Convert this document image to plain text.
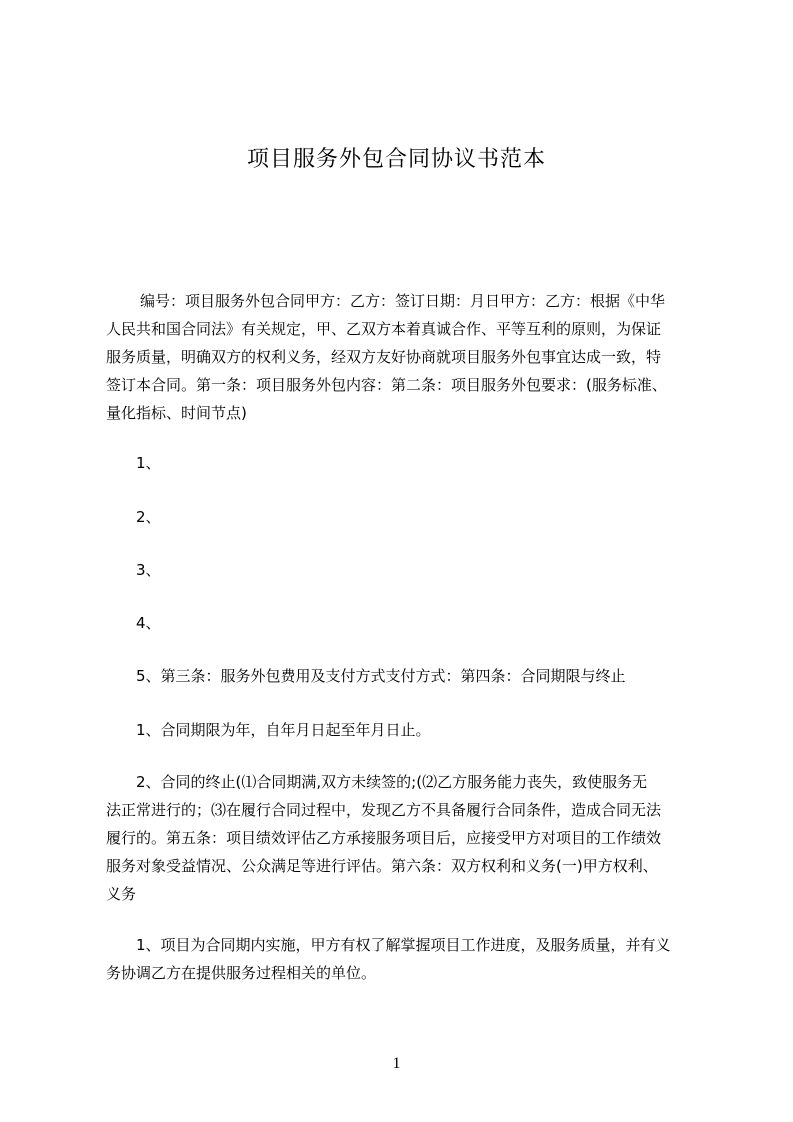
项目服务外包合同协议书范本

编号：项目服务外包合同甲方：乙方：签订日期：月日甲方：乙方：根据《中华

人民共和国合同法》有关规定，甲、乙双方本着真诚合作、平等互利的原则，为保证

服务质量，明确双方的权利义务，经双方友好协商就项目服务外包事宜达成一致，特

签订本合同。第一条：项目服务外包内容：第二条：项目服务外包要求：(服务标准、

量化指标、时间节点)

1、

2、

3、

4、

5、第三条：服务外包费用及支付方式支付方式：第四条：合同期限与终止

1、合同期限为年，自年月日起至年月日止。

2、合同的终止(⑴合同期满,双方未续签的;(⑵乙方服务能力丧失，致使服务无

法正常进行的；⑶在履行合同过程中，发现乙方不具备履行合同条件，造成合同无法

履行的。第五条：项目绩效评估乙方承接服务项目后，应接受甲方对项目的工作绩效

服务对象受益情况、公众满足等进行评估。第六条：双方权利和义务(一)甲方权利、

义务

1、项目为合同期内实施，甲方有权了解掌握项目工作进度，及服务质量，并有义

务协调乙方在提供服务过程相关的单位。

1
